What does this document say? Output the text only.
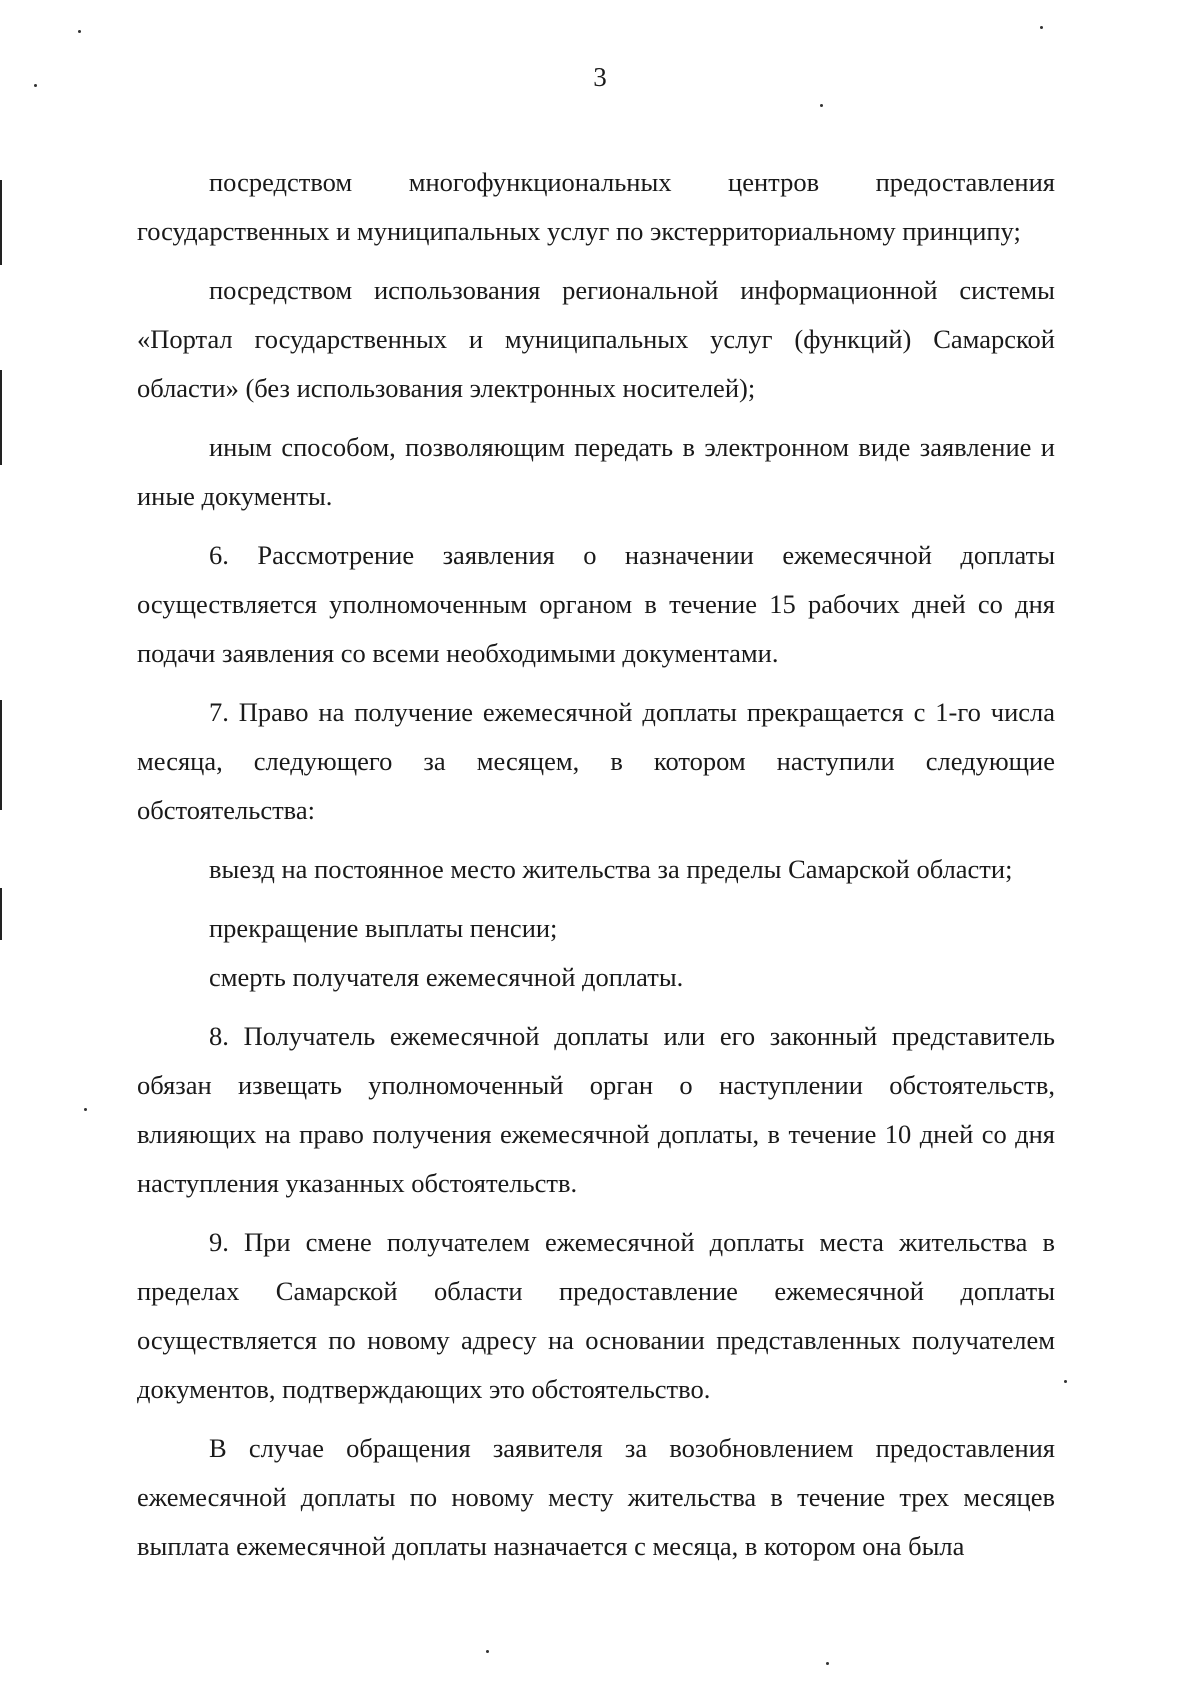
3

посредством многофункциональных центров предоставления государственных и муниципальных услуг по экстерриториальному принципу;

посредством использования региональной информационной системы «Портал государственных и муниципальных услуг (функций) Самарской области» (без использования электронных носителей);

иным способом, позволяющим передать в электронном виде заявление и иные документы.

6. Рассмотрение заявления о назначении ежемесячной доплаты осуществляется уполномоченным органом в течение 15 рабочих дней со дня подачи заявления со всеми необходимыми документами.

7. Право на получение ежемесячной доплаты прекращается с 1-го числа месяца, следующего за месяцем, в котором наступили следующие обстоятельства:

выезд на постоянное место жительства за пределы Самарской области;

прекращение выплаты пенсии;

смерть получателя ежемесячной доплаты.

8. Получатель ежемесячной доплаты или его законный представитель обязан извещать уполномоченный орган о наступлении обстоятельств, влияющих на право получения ежемесячной доплаты, в течение 10 дней со дня наступления указанных обстоятельств.

9. При смене получателем ежемесячной доплаты места жительства в пределах Самарской области предоставление ежемесячной доплаты осуществляется по новому адресу на основании представленных получателем документов, подтверждающих это обстоятельство.

В случае обращения заявителя за возобновлением предоставления ежемесячной доплаты по новому месту жительства в течение трех месяцев выплата ежемесячной доплаты назначается с месяца, в котором она была
